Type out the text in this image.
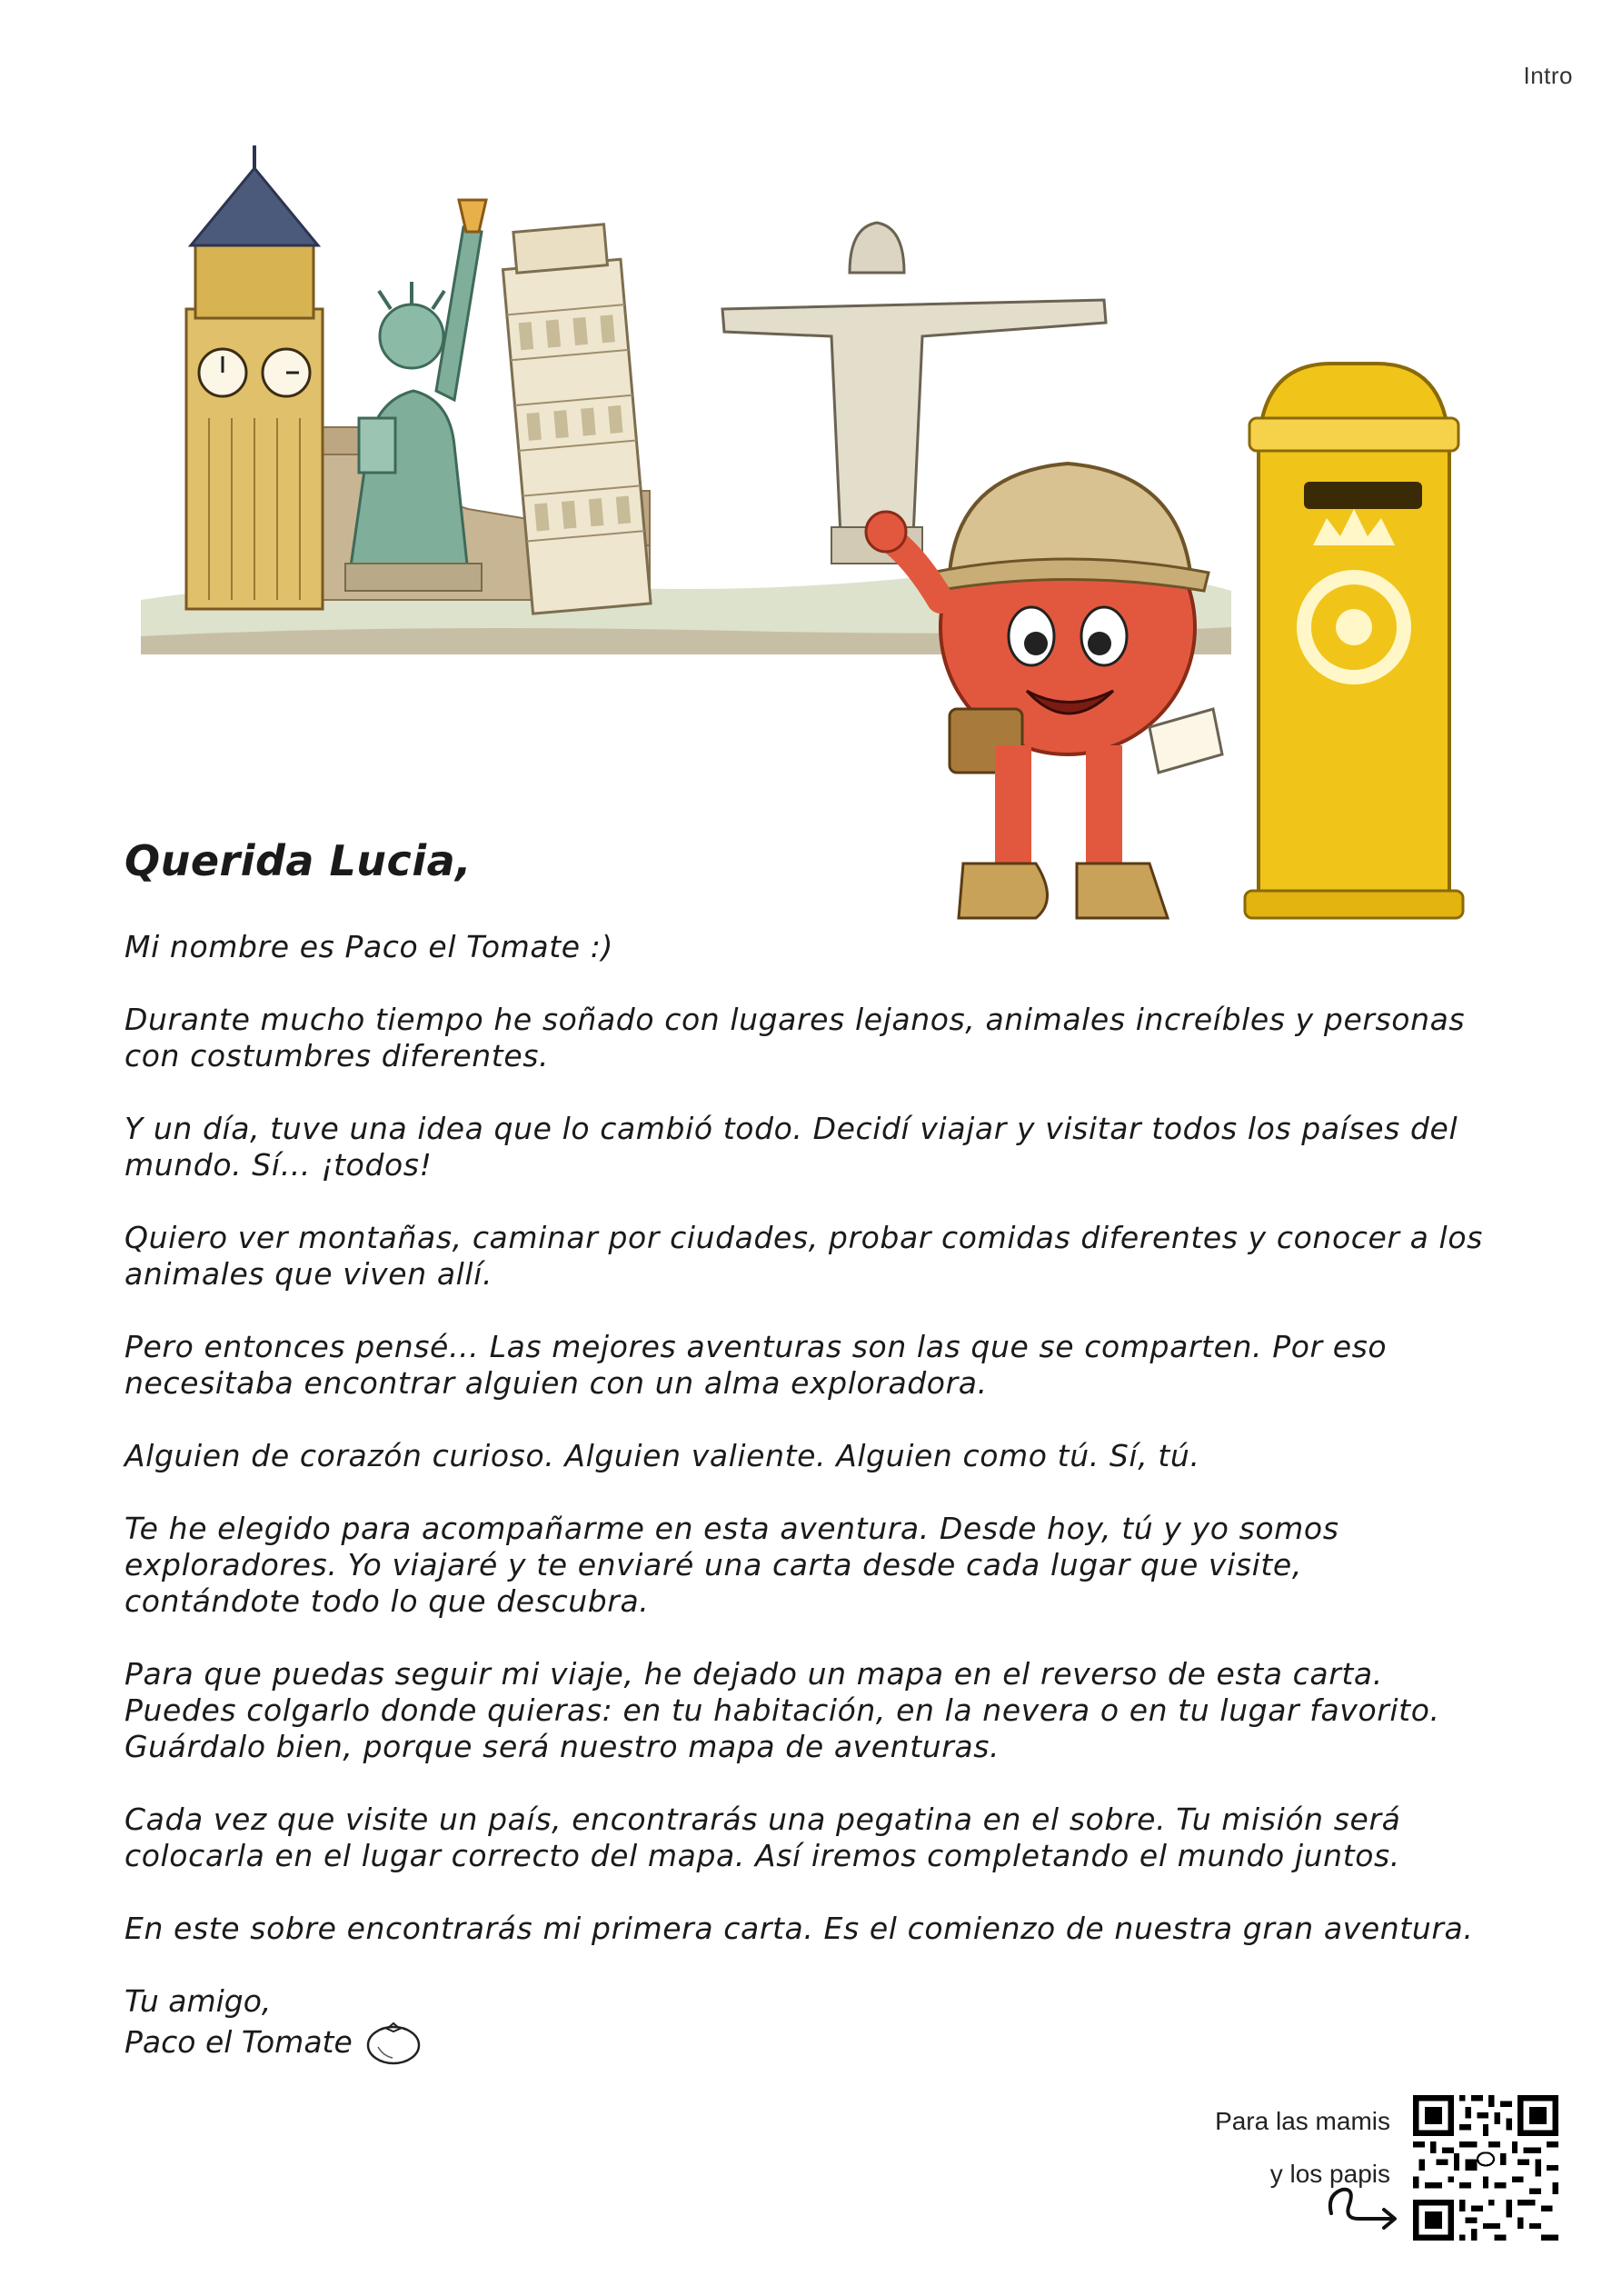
Intro
Querida Lucia,

Mi nombre es Paco el Tomate :)

Durante mucho tiempo he soñado con lugares lejanos, animales increíbles y personas con costumbres diferentes.

Y un día, tuve una idea que lo cambió todo. Decidí viajar y visitar todos los países del mundo. Sí… ¡todos!

Quiero ver montañas, caminar por ciudades, probar comidas diferentes y conocer a los animales que viven allí.

Pero entonces pensé… Las mejores aventuras son las que se comparten. Por eso necesitaba encontrar alguien con un alma exploradora.

Alguien de corazón curioso. Alguien valiente. Alguien como tú. Sí, tú.

Te he elegido para acompañarme en esta aventura. Desde hoy, tú y yo somos exploradores. Yo viajaré y te enviaré una carta desde cada lugar que visite, contándote todo lo que descubra.

Para que puedas seguir mi viaje, he dejado un mapa en el reverso de esta carta. Puedes colgarlo donde quieras: en tu habitación, en la nevera o en tu lugar favorito. Guárdalo bien, porque será nuestro mapa de aventuras.

Cada vez que visite un país, encontrarás una pegatina en el sobre. Tu misión será colocarla en el lugar correcto del mapa. Así iremos completando el mundo juntos.

En este sobre encontrarás mi primera carta. Es el comienzo de nuestra gran aventura.

Tu amigo,
Paco el Tomate
Para las mamis
y los papis
